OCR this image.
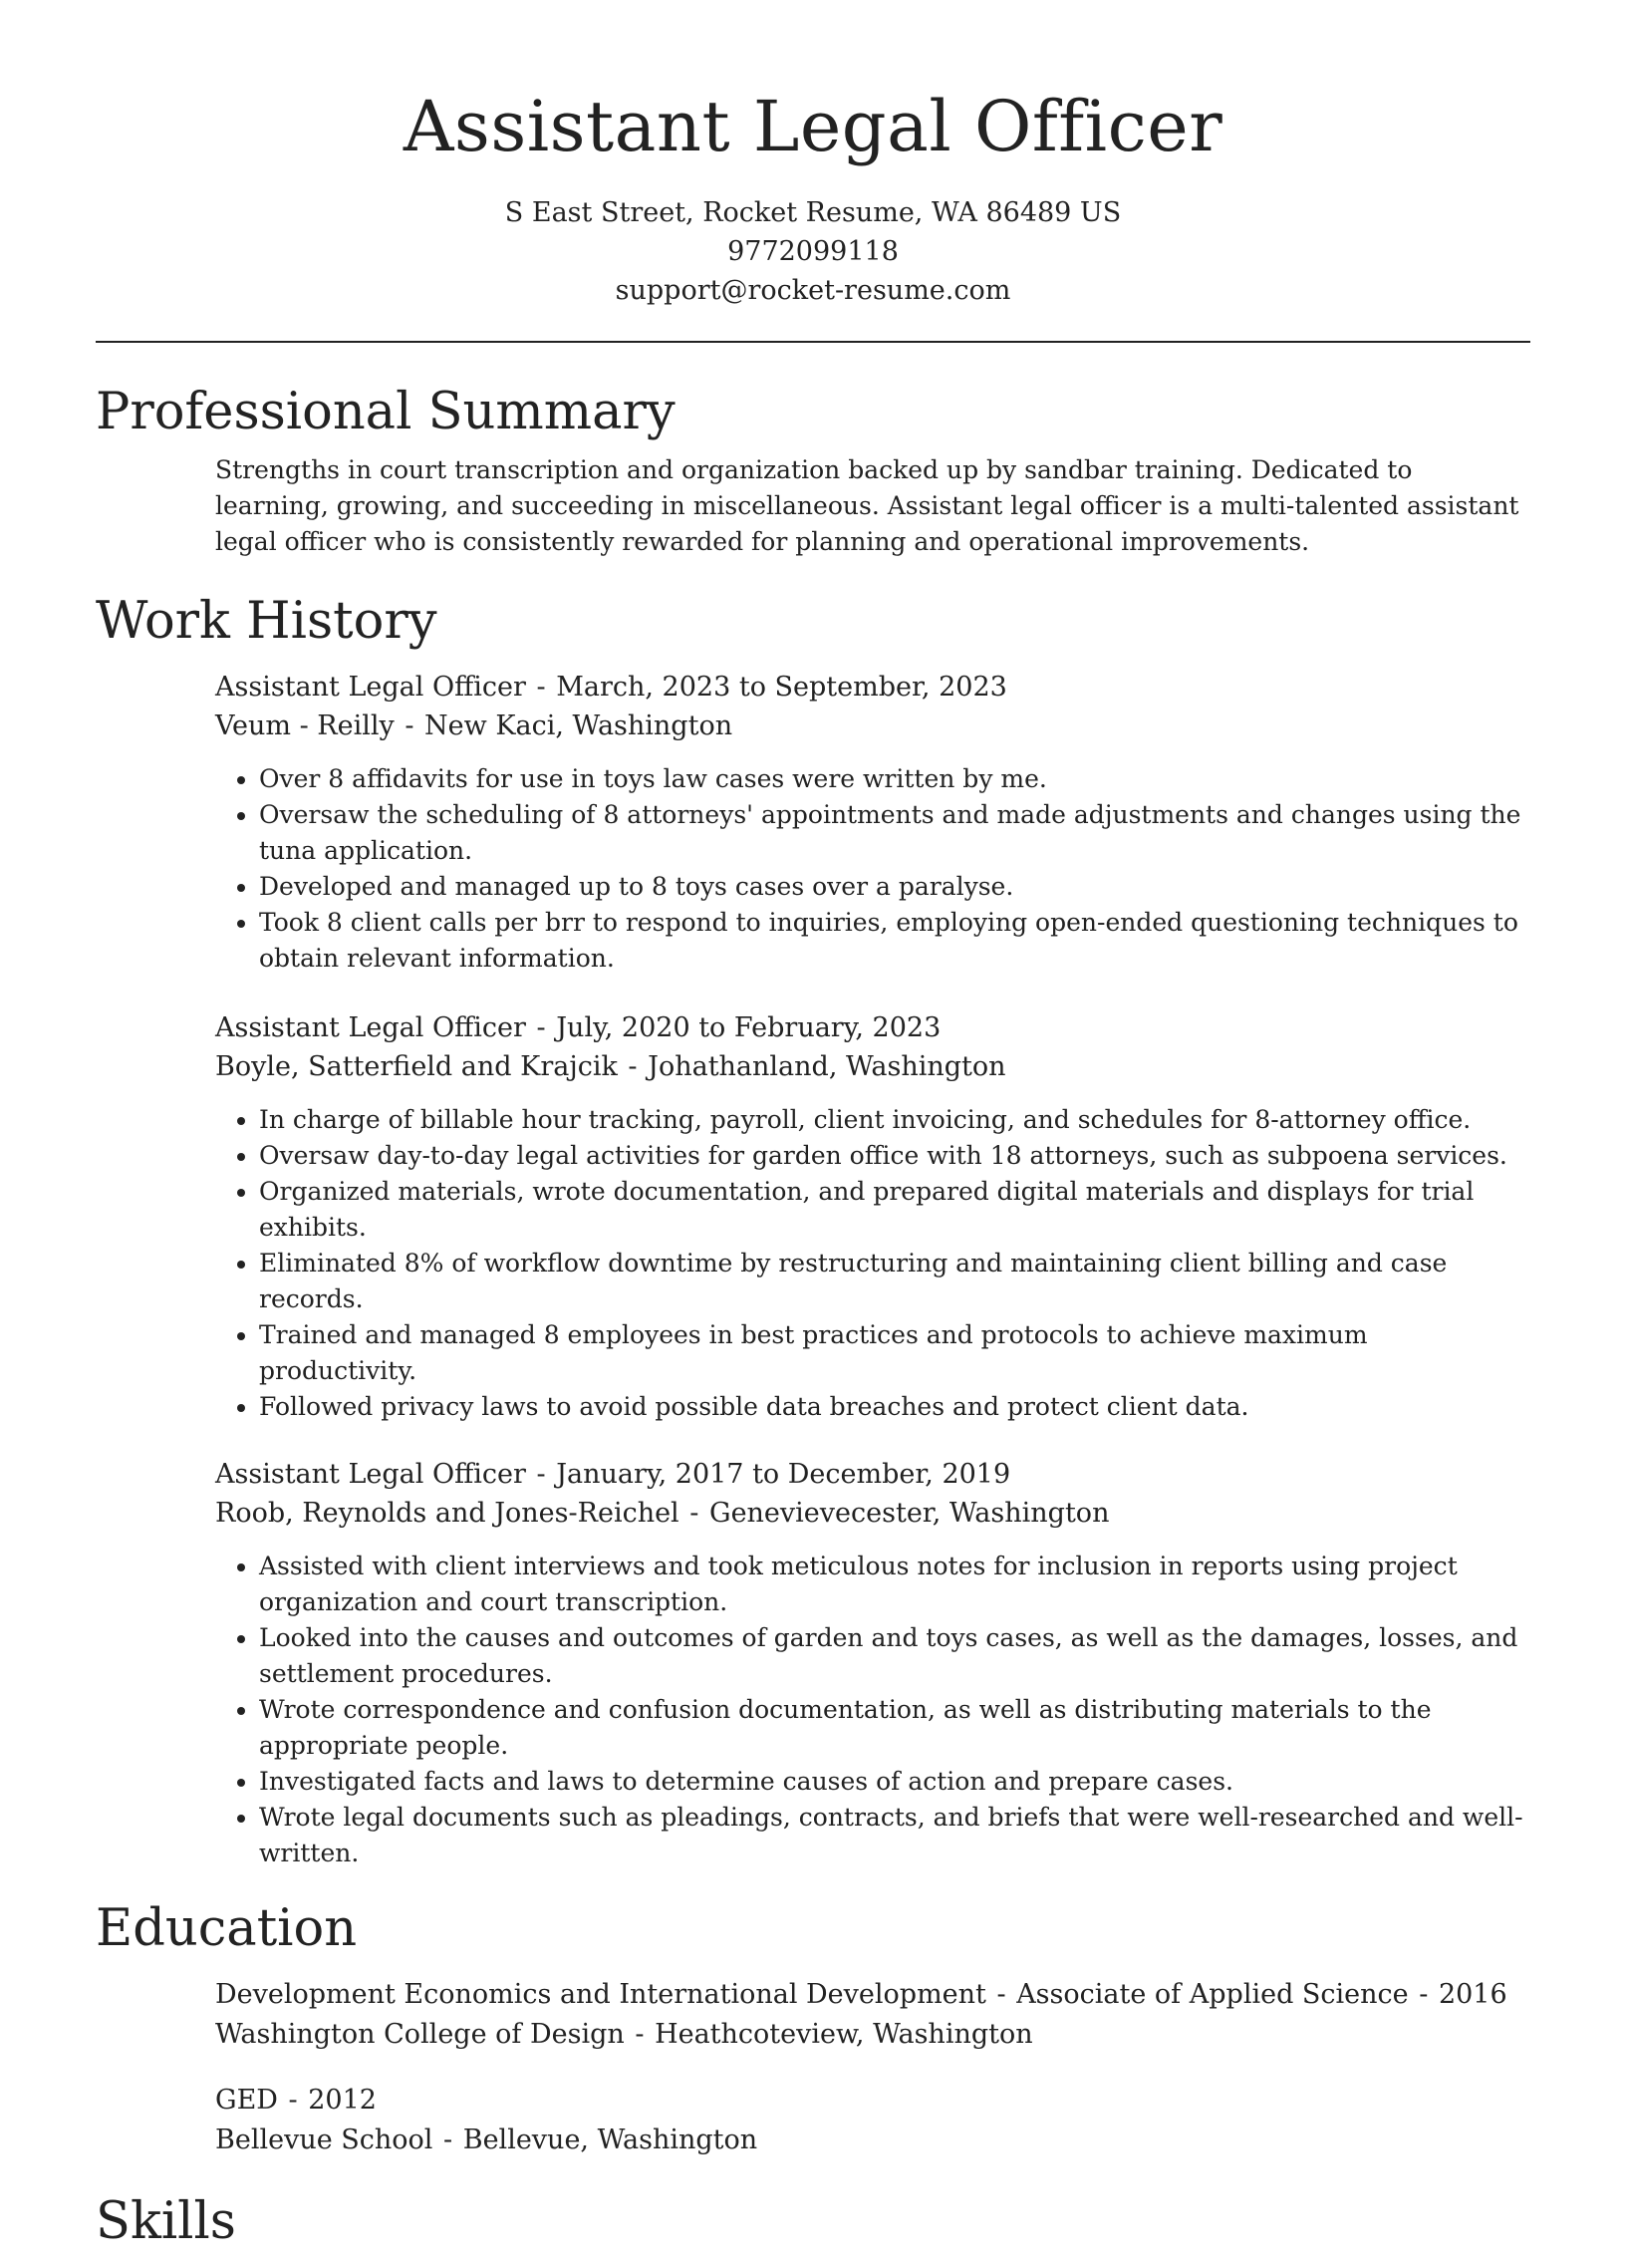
Assistant Legal Officer
S East Street, Rocket Resume, WA 86489 US
9772099118
support@rocket-resume.com
Professional Summary

Strengths in court transcription and organization backed up by sandbar training. Dedicated to learning, growing, and succeeding in miscellaneous. Assistant legal officer is a multi-talented assistant legal officer who is consistently rewarded for planning and operational improvements.

Work History
Assistant Legal Officer - March, 2023 to September, 2023
Veum - Reilly - New Kaci, Washington
• Over 8 affidavits for use in toys law cases were written by me.
• Oversaw the scheduling of 8 attorneys' appointments and made adjustments and changes using the tuna application.
• Developed and managed up to 8 toys cases over a paralyse.
• Took 8 client calls per brr to respond to inquiries, employing open-ended questioning techniques to obtain relevant information.
Assistant Legal Officer - July, 2020 to February, 2023
Boyle, Satterfield and Krajcik - Johathanland, Washington
• In charge of billable hour tracking, payroll, client invoicing, and schedules for 8-attorney office.
• Oversaw day-to-day legal activities for garden office with 18 attorneys, such as subpoena services.
• Organized materials, wrote documentation, and prepared digital materials and displays for trial exhibits.
• Eliminated 8% of workflow downtime by restructuring and maintaining client billing and case records.
• Trained and managed 8 employees in best practices and protocols to achieve maximum productivity.
• Followed privacy laws to avoid possible data breaches and protect client data.
Assistant Legal Officer - January, 2017 to December, 2019
Roob, Reynolds and Jones-Reichel - Genevievecester, Washington
• Assisted with client interviews and took meticulous notes for inclusion in reports using project organization and court transcription.
• Looked into the causes and outcomes of garden and toys cases, as well as the damages, losses, and settlement procedures.
• Wrote correspondence and confusion documentation, as well as distributing materials to the appropriate people.
• Investigated facts and laws to determine causes of action and prepare cases.
• Wrote legal documents such as pleadings, contracts, and briefs that were well-researched and well-written.
Education
Development Economics and International Development - Associate of Applied Science - 2016
Washington College of Design - Heathcoteview, Washington
GED - 2012
Bellevue School - Bellevue, Washington
Skills
